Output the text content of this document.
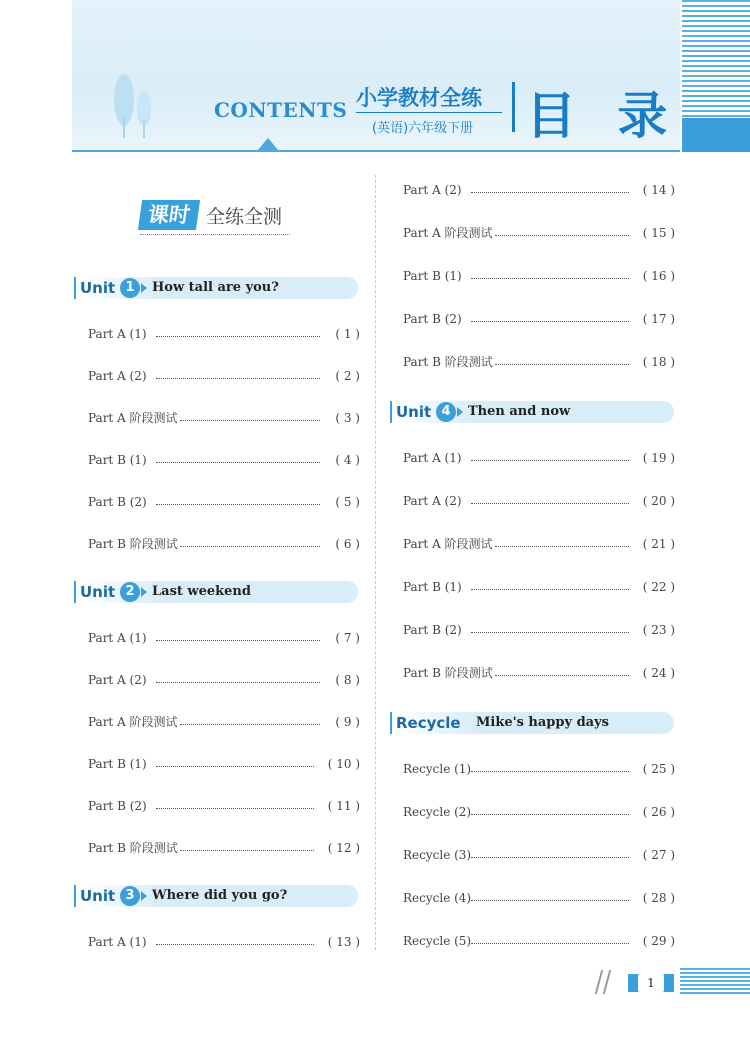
CONTENTS 小学教材全练
(英语)六年级下册 目 录
课时 全练全测
Unit 1	How tall are you?
Part A (1)	( 1 )
Part A (2)	( 2 )
Part A 阶段测试	( 3 )
Part B (1)	( 4 )
Part B (2)	( 5 )
Part B 阶段测试	( 6 )
Unit 2	Last weekend
Part A (1)	( 7 )
Part A (2)	( 8 )
Part A 阶段测试	( 9 )
Part B (1)	( 10 )
Part B (2)	( 11 )
Part B 阶段测试	( 12 )
Unit 3	Where did you go?
Part A (1)	( 13 )
Part A (2)	( 14 )
Part A 阶段测试	( 15 )
Part B (1)	( 16 )
Part B (2)	( 17 )
Part B 阶段测试	( 18 )
Unit 4	Then and now
Part A (1)	( 19 )
Part A (2)	( 20 )
Part A 阶段测试	( 21 )
Part B (1)	( 22 )
Part B (2)	( 23 )
Part B 阶段测试	( 24 )
Recycle Mike's happy days
Recycle (1)	( 25 )
Recycle (2)	( 26 )
Recycle (3)	( 27 )
Recycle (4)	( 28 )
Recycle (5)	( 29 )
1
